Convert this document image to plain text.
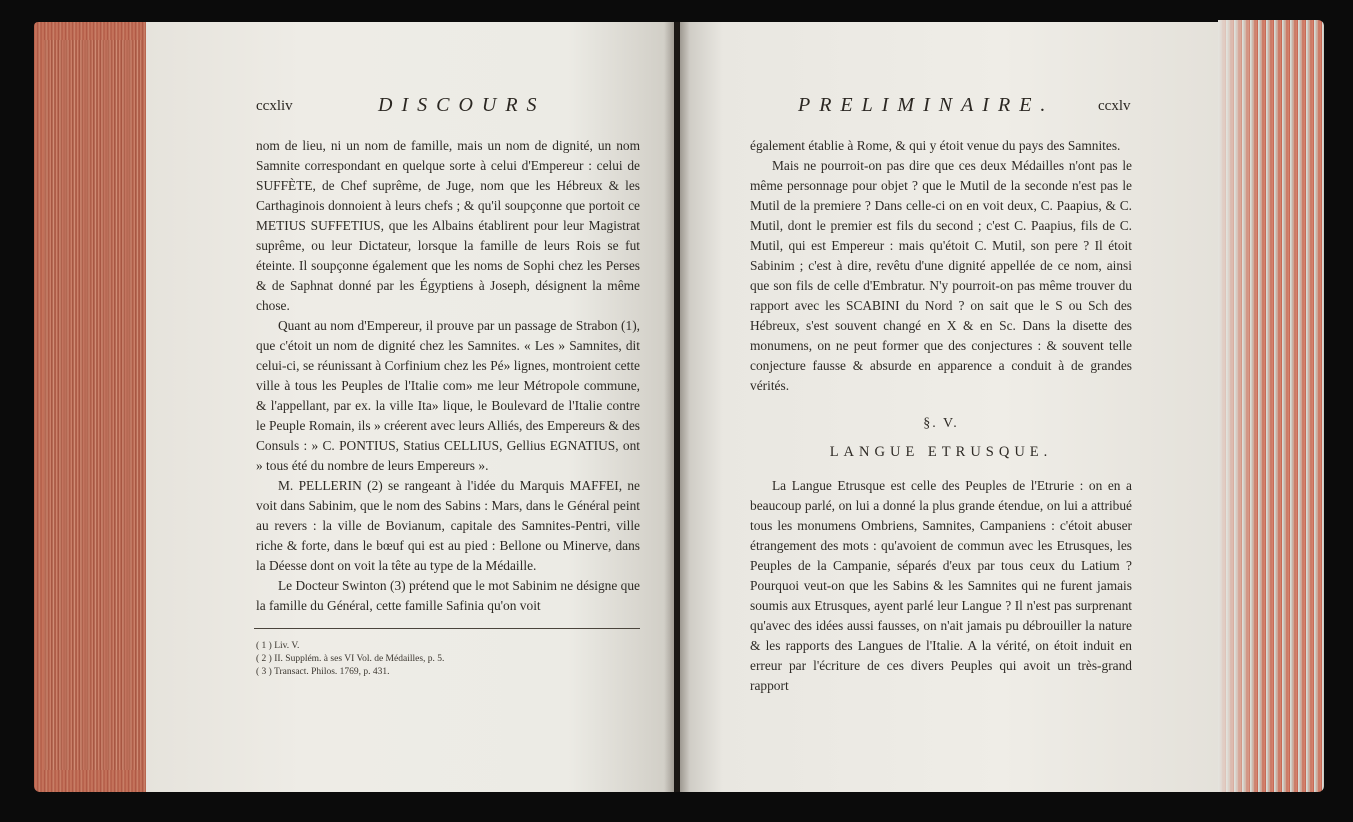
ccxliv	DISCOURS

nom de lieu, ni un nom de famille, mais un nom de dignité, un nom Samnite correspondant en quelque sorte à celui d'Empereur : celui de SUFFÈTE, de Chef suprême, de Juge, nom que les Hébreux & les Carthaginois donnoient à leurs chefs ; & qu'il soupçonne que portoit ce METIUS SUFFETIUS, que les Albains établirent pour leur Magistrat suprême, ou leur Dictateur, lorsque la famille de leurs Rois se fut éteinte. Il soupçonne également que les noms de Sophi chez les Perses & de Saphnat donné par les Égyptiens à Joseph, désignent la même chose.

Quant au nom d'Empereur, il prouve par un passage de Strabon (1), que c'étoit un nom de dignité chez les Samnites. « Les » Samnites, dit celui-ci, se réunissant à Corfinium chez les Pé» lignes, montroient cette ville à tous les Peuples de l'Italie com» me leur Métropole commune, & l'appellant, par ex. la ville Ita» lique, le Boulevard de l'Italie contre le Peuple Romain, ils » créerent avec leurs Alliés, des Empereurs & des Consuls : » C. PONTIUS, Statius CELLIUS, Gellius EGNATIUS, ont » tous été du nombre de leurs Empereurs ».

M. PELLERIN (2) se rangeant à l'idée du Marquis MAFFEI, ne voit dans Sabinim, que le nom des Sabins : Mars, dans le Général peint au revers : la ville de Bovianum, capitale des Samnites-Pentri, ville riche & forte, dans le bœuf qui est au pied : Bellone ou Minerve, dans la Déesse dont on voit la tête au type de la Médaille.

Le Docteur Swinton (3) prétend que le mot Sabinim ne désigne que la famille du Général, cette famille Safinia qu'on voit

( 1 ) Liv. V.
( 2 ) II. Supplém. à ses VI Vol. de Médailles, p. 5.
( 3 ) Transact. Philos. 1769, p. 431.
PRELIMINAIRE.	ccxlv

également établie à Rome, & qui y étoit venue du pays des Samnites.

Mais ne pourroit-on pas dire que ces deux Médailles n'ont pas le même personnage pour objet ? que le Mutil de la seconde n'est pas le Mutil de la premiere ? Dans celle-ci on en voit deux, C. Paapius, & C. Mutil, dont le premier est fils du second ; c'est C. Paapius, fils de C. Mutil, qui est Empereur : mais qu'étoit C. Mutil, son pere ? Il étoit Sabinim ; c'est à dire, revêtu d'une dignité appellée de ce nom, ainsi que son fils de celle d'Embratur. N'y pourroit-on pas même trouver du rapport avec les SCABINI du Nord ? on sait que le S ou Sch des Hébreux, s'est souvent changé en X & en Sc. Dans la disette des monumens, on ne peut former que des conjectures : & souvent telle conjecture fausse & absurde en apparence a conduit à de grandes vérités.

§. V.
LANGUE ETRUSQUE.

La Langue Etrusque est celle des Peuples de l'Etrurie : on en a beaucoup parlé, on lui a donné la plus grande étendue, on lui a attribué tous les monumens Ombriens, Samnites, Campaniens : c'étoit abuser étrangement des mots : qu'avoient de commun avec les Etrusques, les Peuples de la Campanie, séparés d'eux par tous ceux du Latium ? Pourquoi veut-on que les Sabins & les Samnites qui ne furent jamais soumis aux Etrusques, ayent parlé leur Langue ? Il n'est pas surprenant qu'avec des idées aussi fausses, on n'ait jamais pu débrouiller la nature & les rapports des Langues de l'Italie. A la vérité, on étoit induit en erreur par l'écriture de ces divers Peuples qui avoit un très-grand rapport
